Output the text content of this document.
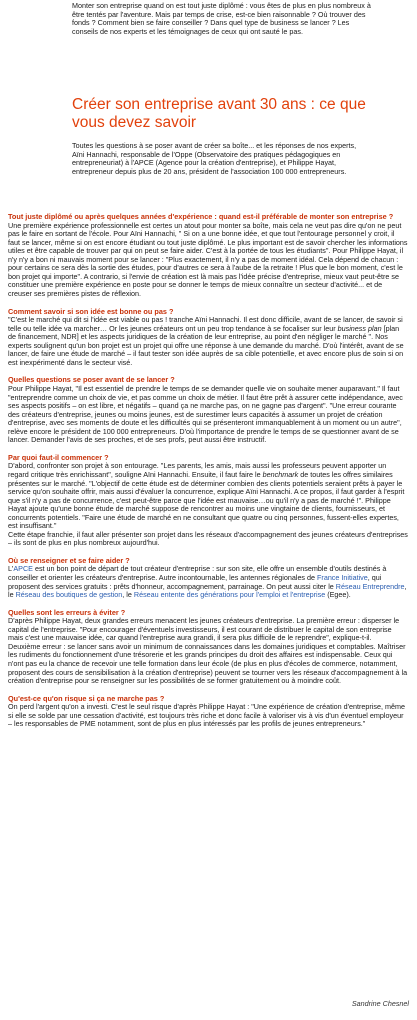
Monter son entreprise quand on est tout juste diplômé : vous êtes de plus en plus nombreux à être tentés par l'aventure. Mais par temps de crise, est-ce bien raisonnable ? Où trouver des fonds ? Comment bien se faire conseiller ? Dans quel type de business se lancer ? Les conseils de nos experts et les témoignages de ceux qui ont sauté le pas.
Créer son entreprise avant 30 ans : ce que vous devez savoir
Toutes les questions à se poser avant de créer sa boîte... et les réponses de nos experts, Aïni Hannachi, responsable de l'Oppe (Observatoire des pratiques pédagogiques en entrepreneuriat) à l'APCE (Agence pour la création d'entreprise), et Philippe Hayat, entrepreneur depuis plus de 20 ans, président de l'association 100 000 entrepreneurs.
Tout juste diplômé ou après quelques années d'expérience : quand est-il préférable de monter son entreprise ?

Une première expérience professionnelle est certes un atout pour monter sa boîte, mais cela ne veut pas dire qu'on ne peut pas le faire en sortant de l'école. Pour Aïni Hannachi, " Si on a une bonne idée, et que tout l'entourage personnel y croit, il faut se lancer, même si on est encore étudiant ou tout juste diplômé. Le plus important est de savoir chercher les informations utiles et être capable de trouver par qui on peut se faire aider. C'est à la portée de tous les étudiants". Pour Philippe Hayat, il n'y n'y a bon ni mauvais moment pour se lancer : "Plus exactement, il n'y a pas de moment idéal. Cela dépend de chacun : pour certains ce sera dès la sortie des études, pour d'autres ce sera à l'aube de la retraite ! Plus que le bon moment, c'est le bon projet qui importe". A contrario, si l'envie de création est là mais pas l'idée précise d'entreprise, mieux vaut peut-être se constituer une première expérience en poste pour se donner le temps de mieux connaître un secteur d'activité... et de creuser ses premières pistes de réflexion.

Comment savoir si son idée est bonne ou pas ?

"C'est le marché qui dit si l'idée est viable ou pas ! tranche Aïni Hannachi. Il est donc difficile, avant de se lancer, de savoir si telle ou telle idée va marcher… Or les jeunes créateurs ont un peu trop tendance à se focaliser sur leur business plan [plan de financement, NDR] et les aspects juridiques de la création de leur entreprise, au point d'en négliger le marché ". Nos experts soulignent qu'un bon projet est un projet qui offre une réponse à une demande du marché. D'où l'intérêt, avant de se lancer, de faire une étude de marché – il faut tester son idée auprès de sa cible potentielle, et avec encore plus de soin si on est inexpérimenté dans le secteur visé.

Quelles questions se poser avant de se lancer ?

Pour Philippe Hayat, "Il est essentiel de prendre le temps de se demander quelle vie on souhaite mener auparavant." Il faut "entreprendre comme un choix de vie, et pas comme un choix de métier. Il faut être prêt à assurer cette indépendance, avec ses aspects positifs – on est libre, et négatifs – quand ça ne marche pas, on ne gagne pas d'argent". "Une erreur courante des créateurs d'entreprise, jeunes ou moins jeunes, est de surestimer leurs capacités à assumer un projet de création d'entreprise, avec ses moments de doute et les difficultés qui se présenteront immanquablement à un moment ou un autre", relève encore le président de 100 000 entrepreneurs. D'où l'importance de prendre le temps de se questionner avant de se lancer. Demander l'avis de ses proches, et de ses profs, peut aussi être instructif.

Par quoi faut-il commencer ?

D'abord, confronter son projet à son entourage. "Les parents, les amis, mais aussi les professeurs peuvent apporter un regard critique très enrichissant", souligne Aïni Hannachi. Ensuite, il faut faire le benchmark de toutes les offres similaires présentes sur le marché. "L'objectif de cette étude est de déterminer combien des clients potentiels seraient prêts à payer le service qu'on souhaite offrir, mais aussi d'évaluer la concurrence, explique Aïni Hannachi. A ce propos, il faut garder à l'esprit que s'il n'y a pas de concurrence, c'est peut-être parce que l'idée est mauvaise…ou qu'il n'y a pas de marché !". Philippe Hayat ajoute qu'une bonne étude de marché suppose de rencontrer au moins une vingtaine de clients, fournisseurs, et concurrents potentiels. "Faire une étude de marché en ne consultant que quatre ou cinq personnes, fussent-elles expertes, est insuffisant."

Cette étape franchie, il faut aller présenter son projet dans les réseaux d'accompagnement des jeunes créateurs d'entreprises – ils sont de plus en plus nombreux aujourd'hui.

Où se renseigner et se faire aider ?

L'APCE est un bon point de départ de tout créateur d'entreprise : sur son site, elle offre un ensemble d'outils destinés à conseiller et orienter les créateurs d'entreprise. Autre incontournable, les antennes régionales de France Initiative, qui proposent des services gratuits : prêts d'honneur, accompagnement, parrainage. On peut aussi citer le Réseau Entreprendre, le Réseau des boutiques de gestion, le Réseau entente des générations pour l'emploi et l'entreprise (Egee).

Quelles sont les erreurs à éviter ?

D'après Philippe Hayat, deux grandes erreurs menacent les jeunes créateurs d'entreprise. La première erreur : disperser le capital de l'entreprise. "Pour encourager d'éventuels investisseurs, il est courant de distribuer le capital de son entreprise mais c'est une mauvaise idée, car quand l'entreprise aura grandi, il sera plus difficile de le reprendre", explique-t-il.

Deuxième erreur : se lancer sans avoir un minimum de connaissances dans les domaines juridiques et comptables. Maîtriser les rudiments du fonctionnement d'une trésorerie et les grands principes du droit des affaires est indispensable. Ceux qui n'ont pas eu la chance de recevoir une telle formation dans leur école (de plus en plus d'écoles de commerce, notamment, proposent des cours de sensibilisation à la création d'entreprise) peuvent se tourner vers les réseaux d'accompagnement à la création d'entreprise pour se renseigner sur les possibilités de se former gratuitement ou à moindre coût.

Qu'est-ce qu'on risque si ça ne marche pas ?

On perd l'argent qu'on a investi. C'est le seul risque d'après Philippe Hayat : "Une expérience de création d'entreprise, même si elle se solde par une cessation d'activité, est toujours très riche et donc facile à valoriser vis à vis d'un éventuel employeur – les responsables de PME notamment, sont de plus en plus intéressés par les profils de jeunes entrepreneurs."

Sandrine Chesnel
